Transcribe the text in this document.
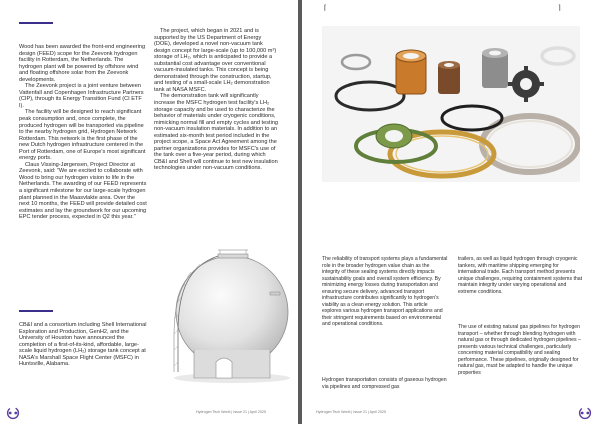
Wood has been awarded the front-end engineering design (FEED) scope for the Zeevonk hydrogen facility in Rotterdam, the Netherlands. The hydrogen plant will be powered by offshore wind and floating offshore solar from the Zeevonk developments.

The Zeevonk project is a joint venture between Vattenfall and Copenhagen Infrastructure Partners (CIP), through its Energy Transition Fund (CI ETF I).

The facility will be designed to reach significant peak consumption and, once complete, the produced hydrogen will be transported via pipeline to the nearby hydrogen grid, Hydrogen Network Rotterdam. This network is the first phase of the new Dutch hydrogen infrastructure centered in the Port of Rotterdam, one of Europe's most significant energy ports.

Claus Vissing-Jørgensen, Project Director at Zeevonk, said: "We are excited to collaborate with Wood to bring our hydrogen vision to life in the Netherlands. The awarding of our FEED represents a significant milestone for our large-scale hydrogen plant planned in the Maasvlakte area. Over the next 10 months, the FEED will provide detailed cost estimates and lay the groundwork for our upcoming EPC tender process, expected in Q2 this year."

CB&I and a consortium including Shell International Exploration and Production, GenH2, and the University of Houston have announced the completion of a first-of-its-kind, affordable, large-scale liquid hydrogen (LH₂) storage tank concept at NASA's Marshall Space Flight Center (MSFC) in Huntsville, Alabama.

The project, which began in 2021 and is supported by the US Department of Energy (DOE), developed a novel non-vacuum tank design concept for large-scale (up to 100,000 m³) storage of LH₂, which is anticipated to provide a substantial cost advantage over conventional vacuum-insulated tanks. This concept is being demonstrated through the construction, startup, and testing of a small-scale LH₂ demonstration tank at NASA MSFC.

The demonstration tank will significantly increase the MSFC hydrogen test facility's LH₂ storage capacity and be used to characterize the behavior of materials under cryogenic conditions, mimicking normal fill and empty cycles and testing non-vacuum insulation materials. In addition to an estimated six-month test period included in the project scope, a Space Act Agreement among the partner organizations provides for MSFC's use of the tank over a five-year period, during which CB&I and Shell will continue to test new insulation technologies under non-vacuum conditions.

Hydrogen Tech World | Issue 21 | April 2025
⌈	⌉

The reliability of transport systems plays a fundamental role in the broader hydrogen value chain as the integrity of these sealing systems directly impacts sustainability goals and overall system efficiency. By minimizing energy losses during transportation and ensuring secure delivery, advanced transport infrastructure contributes significantly to hydrogen's viability as a clean energy solution. This article explores various hydrogen transport applications and their stringent requirements based on environmental and operational conditions.

Hydrogen transportation consists of gaseous hydrogen via pipelines and compressed gas

trailers, as well as liquid hydrogen through cryogenic tankers, with maritime shipping emerging for international trade. Each transport method presents unique challenges, requiring containment systems that maintain integrity under varying operational and extreme conditions.

The use of existing natural gas pipelines for hydrogen transport – whether through blending hydrogen with natural gas or through dedicated hydrogen pipelines – presents various technical challenges, particularly concerning material compatibility and sealing performance. These pipelines, originally designed for natural gas, must be adapted to handle the unique properties

Hydrogen Tech World | Issue 21 | April 2025
